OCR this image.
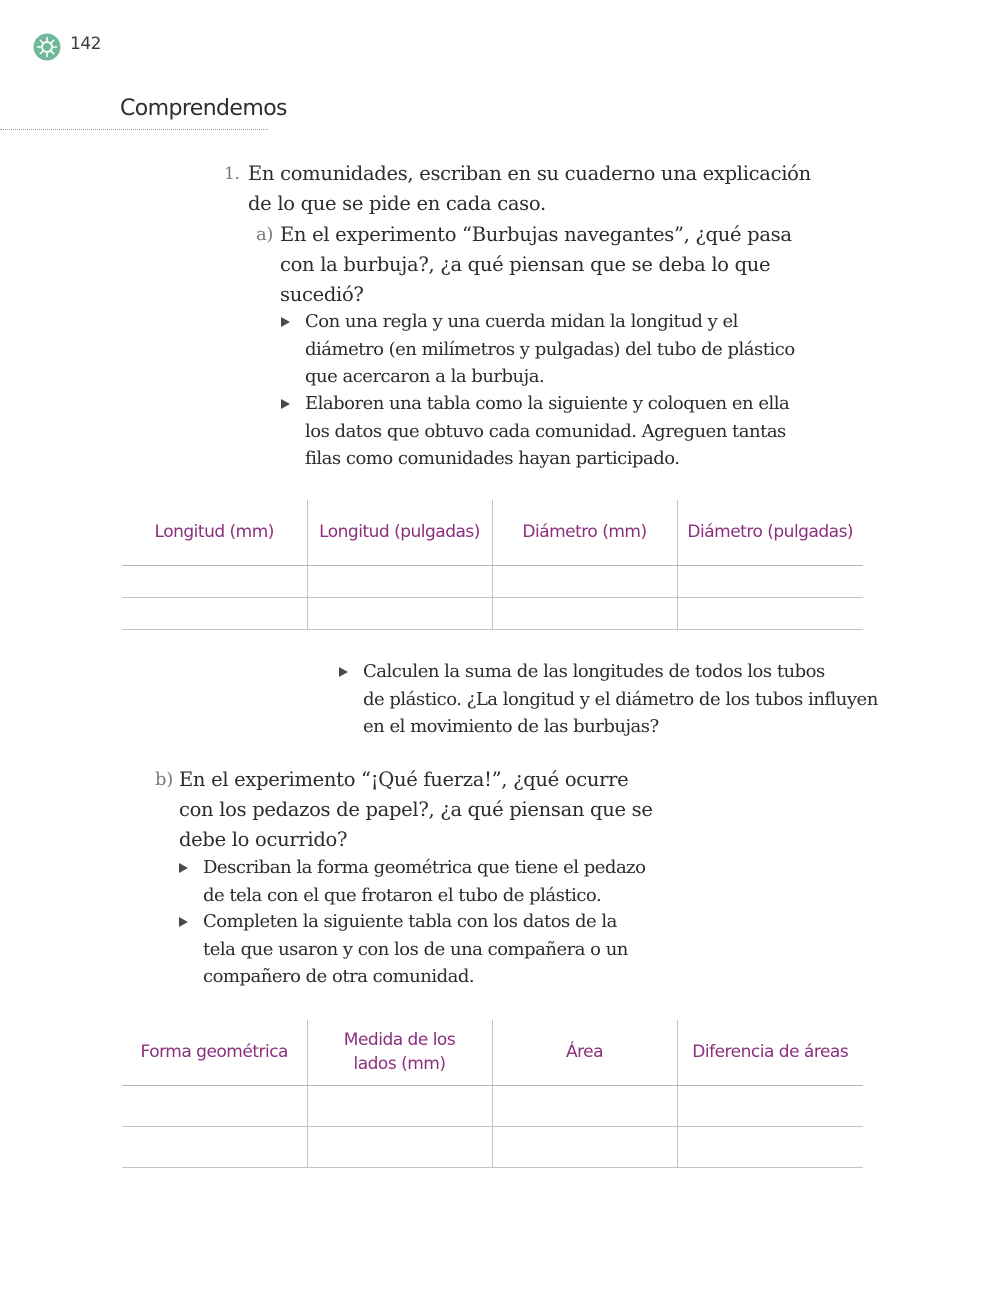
142
Comprendemos
1. En comunidades, escriban en su cuaderno una explicación
de lo que se pide en cada caso.
a) En el experimento “Burbujas navegantes”, ¿qué pasa
con la burbuja?, ¿a qué piensan que se deba lo que
sucedió?
Con una regla y una cuerda midan la longitud y el
diámetro (en milímetros y pulgadas) del tubo de plástico
que acercaron a la burbuja.
Elaboren una tabla como la siguiente y coloquen en ella
los datos que obtuvo cada comunidad. Agreguen tantas
filas como comunidades hayan participado.
Longitud (mm)	Longitud (pulgadas)	Diámetro (mm)	Diámetro (pulgadas)

Calculen la suma de las longitudes de todos los tubos
de plástico. ¿La longitud y el diámetro de los tubos influyen
en el movimiento de las burbujas?
b) En el experimento “¡Qué fuerza!”, ¿qué ocurre
con los pedazos de papel?, ¿a qué piensan que se
debe lo ocurrido?
Describan la forma geométrica que tiene el pedazo
de tela con el que frotaron el tubo de plástico.
Completen la siguiente tabla con los datos de la
tela que usaron y con los de una compañera o un
compañero de otra comunidad.
Forma geométrica	Medida de los lados (mm)	Área	Diferencia de áreas
